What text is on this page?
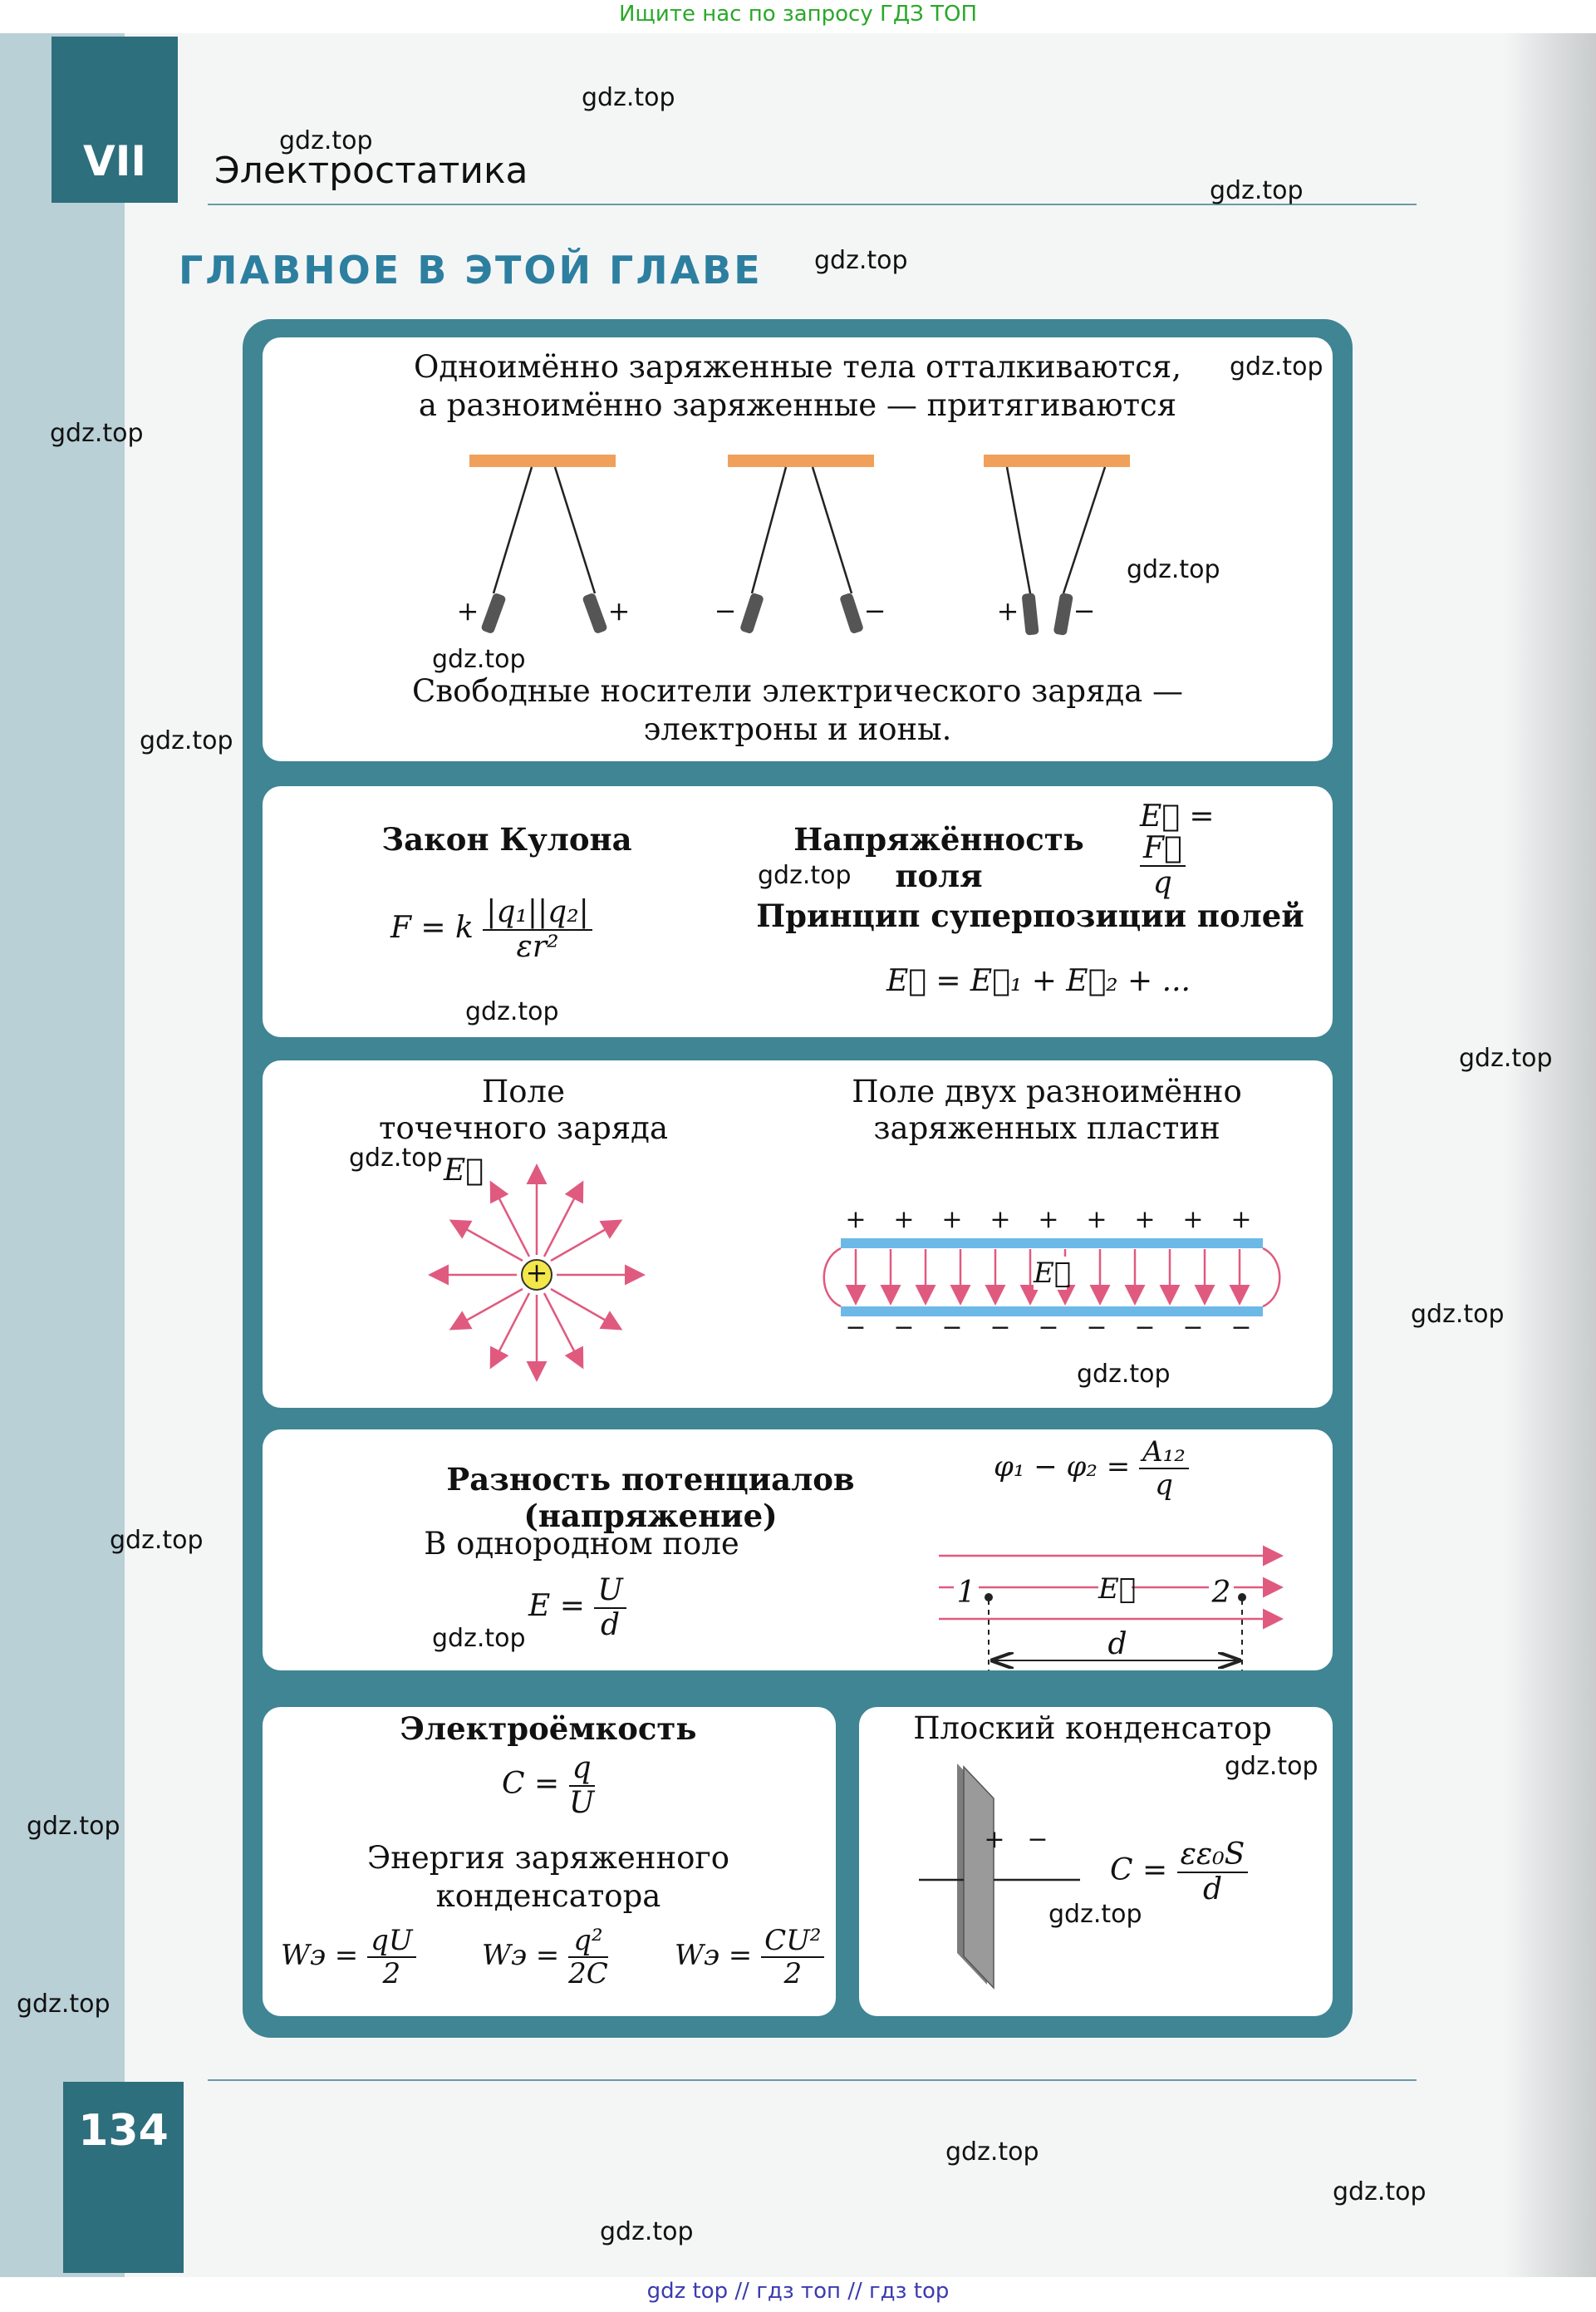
Ищите нас по запросу ГДЗ ТОП
VII	Электростатика
ГЛАВНОЕ В ЭТОЙ ГЛАВЕ
Одноимённо заряженные тела отталкиваются,
а разноимённо заряженные — притягиваются
+	+	−	−	+ −
Свободные носители электрического заряда —
электроны и ионы.
Закон Кулона
F = k $\frac{\text{|q₁||q₂|}}{\text{εr²}}$
Напряжённость поля
E⃗ =
$\frac{F⃗}{q}$
Принцип суперпозиции полей
E⃗ = E⃗₁ + E⃗₂ + ...
Поле
точечного заряда
E⃗
+
Поле двух разноимённо
заряженных пластин
+ + + + + + + + +
− − − − − − − − −
E⃗
Разность потенциалов (напряжение)
$\varphi_1 - \varphi_2 = \frac{\text{A₁₂}}{q}$
В однородном поле
$E = \frac{U}{d}$	1	2
E⃗
d
Электроёмкость
$C = \frac{q}{U}$
Энергия заряженного
конденсатора
Wэ = $\frac{qU}{2}$ Wэ = $\frac{\text{q²}}{2C}$ Wэ = $\frac{\text{CU²}}{2}$
Плоский конденсатор
+ −
$C = \frac{\text{εε₀S}}{d}$
134
gdz.top
gdz.top
gdz.top
gdz.top
gdz.top
gdz.top
gdz.top
gdz.top
gdz.top
gdz.top
gdz.top
gdz.top
gdz.top
gdz.top
gdz.top
gdz.top
gdz.top
gdz.top
gdz.top
gdz.top
gdz.top
gdz.top
gdz.top
gdz.top
gdz top // гдз топ // гдз top
